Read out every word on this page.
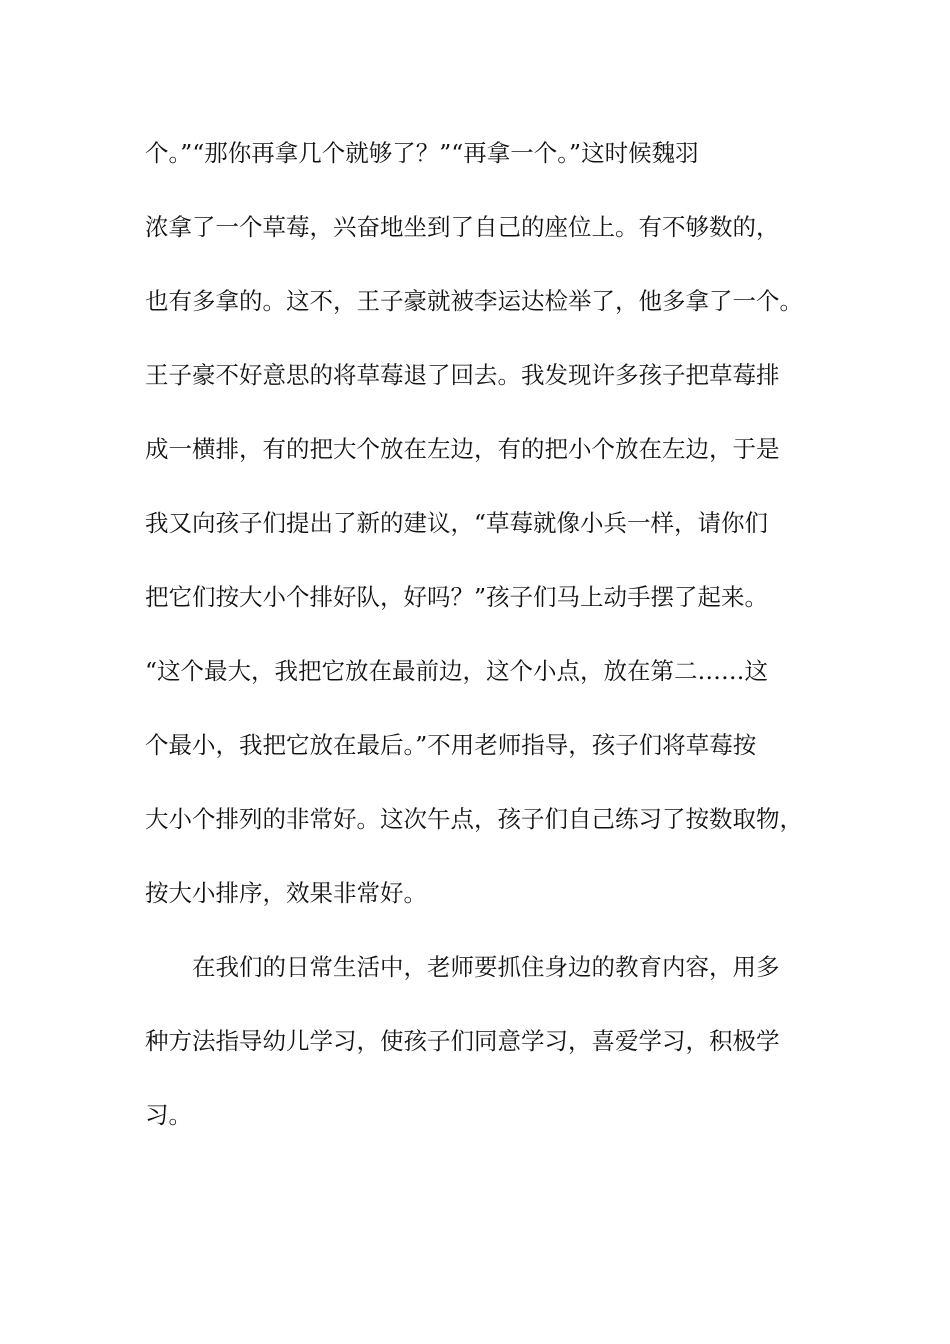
个。”“那你再拿几个就够了？”“再拿一个。”这时候魏羽
浓拿了一个草莓，兴奋地坐到了自己的座位上。有不够数的，
也有多拿的。这不，王子豪就被李运达检举了，他多拿了一个。
王子豪不好意思的将草莓退了回去。我发现许多孩子把草莓排
成一横排，有的把大个放在左边，有的把小个放在左边，于是
我又向孩子们提出了新的建议，“草莓就像小兵一样，请你们
把它们按大小个排好队，好吗？”孩子们马上动手摆了起来。
“这个最大，我把它放在最前边，这个小点，放在第二……这
个最小，我把它放在最后。”不用老师指导，孩子们将草莓按
大小个排列的非常好。这次午点，孩子们自己练习了按数取物，
按大小排序，效果非常好。
在我们的日常生活中，老师要抓住身边的教育内容，用多
种方法指导幼儿学习，使孩子们同意学习，喜爱学习，积极学
习。
